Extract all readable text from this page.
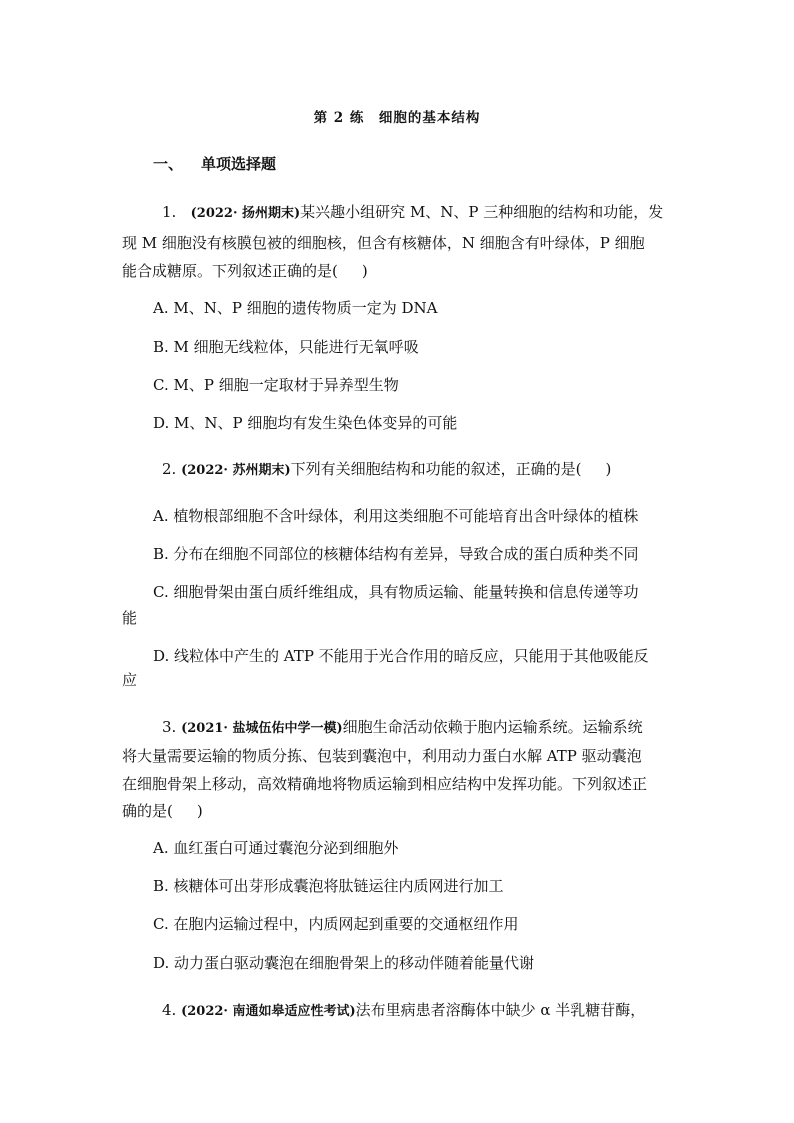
第 2 练　细胞的基本结构
一、 单项选择题
1. (2022· 扬州期末)某兴趣小组研究 M、N、P 三种细胞的结构和功能，发
现 M 细胞没有核膜包被的细胞核，但含有核糖体，N 细胞含有叶绿体，P 细胞
能合成糖原。下列叙述正确的是( )
A. M、N、P 细胞的遗传物质一定为 DNA
B. M 细胞无线粒体，只能进行无氧呼吸
C. M、P 细胞一定取材于异养型生物
D. M、N、P 细胞均有发生染色体变异的可能
2. (2022· 苏州期末)下列有关细胞结构和功能的叙述，正确的是( )
A. 植物根部细胞不含叶绿体，利用这类细胞不可能培育出含叶绿体的植株
B. 分布在细胞不同部位的核糖体结构有差异，导致合成的蛋白质种类不同
C. 细胞骨架由蛋白质纤维组成，具有物质运输、能量转换和信息传递等功
能
D. 线粒体中产生的 ATP 不能用于光合作用的暗反应，只能用于其他吸能反
应
3. (2021· 盐城伍佑中学一模)细胞生命活动依赖于胞内运输系统。运输系统
将大量需要运输的物质分拣、包装到囊泡中，利用动力蛋白水解 ATP 驱动囊泡
在细胞骨架上移动，高效精确地将物质运输到相应结构中发挥功能。下列叙述正
确的是( )
A. 血红蛋白可通过囊泡分泌到细胞外
B. 核糖体可出芽形成囊泡将肽链运往内质网进行加工
C. 在胞内运输过程中，内质网起到重要的交通枢纽作用
D. 动力蛋白驱动囊泡在细胞骨架上的移动伴随着能量代谢
4. (2022· 南通如皋适应性考试)法布里病患者溶酶体中缺少 α 半乳糖苷酶，
